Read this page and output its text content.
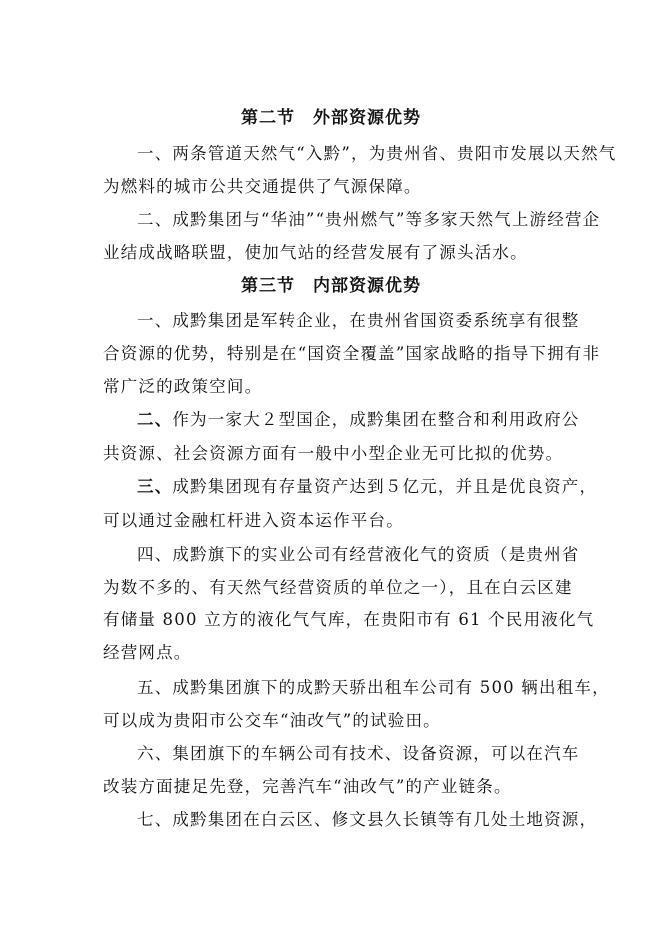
第二节　外部资源优势
一、两条管道天然气“入黔”，为贵州省、贵阳市发展以天然气
为燃料的城市公共交通提供了气源保障。
二、成黔集团与“华油”“贵州燃气”等多家天然气上游经营企
业结成战略联盟，使加气站的经营发展有了源头活水。
第三节　内部资源优势
一、成黔集团是军转企业，在贵州省国资委系统享有很整
合资源的优势，特别是在“国资全覆盖”国家战略的指导下拥有非
常广泛的政策空间。
二、作为一家大２型国企，成黔集团在整合和利用政府公
共资源、社会资源方面有一般中小型企业无可比拟的优势。
三、成黔集团现有存量资产达到５亿元，并且是优良资产，
可以通过金融杠杆进入资本运作平台。
四、成黔旗下的实业公司有经营液化气的资质（是贵州省
为数不多的、有天然气经营资质的单位之一），且在白云区建
有储量 800 立方的液化气气库，在贵阳市有 61 个民用液化气
经营网点。
五、成黔集团旗下的成黔天骄出租车公司有 500 辆出租车，
可以成为贵阳市公交车“油改气”的试验田。
六、集团旗下的车辆公司有技术、设备资源，可以在汽车
改装方面捷足先登，完善汽车“油改气”的产业链条。
七、成黔集团在白云区、修文县久长镇等有几处土地资源，
